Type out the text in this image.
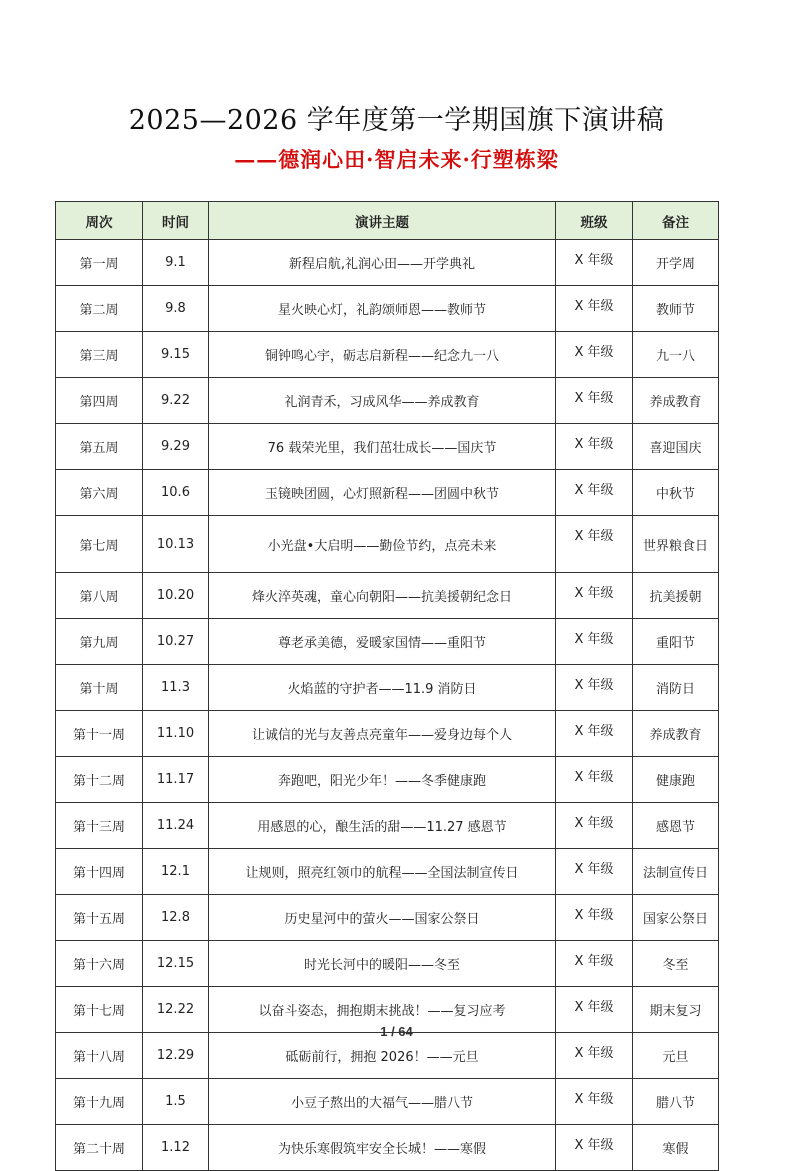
2025—2026 学年度第一学期国旗下演讲稿
——德润心田·智启未来·行塑栋梁
周次	时间	演讲主题	班级	备注
第一周	9.1	新程启航,礼润心田——开学典礼	X 年级	开学周
第二周	9.8	星火映心灯，礼韵颂师恩——教师节	X 年级	教师节
第三周	9.15	铜钟鸣心宇，砺志启新程——纪念九一八	X 年级	九一八
第四周	9.22	礼润青禾，习成风华——养成教育	X 年级	养成教育
第五周	9.29	76 载荣光里，我们茁壮成长——国庆节	X 年级	喜迎国庆
第六周	10.6	玉镜映团圆，心灯照新程——团圆中秋节	X 年级	中秋节
第七周	10.13	小光盘•大启明——勤俭节约，点亮未来	X 年级	世界粮食日
第八周	10.20	烽火淬英魂，童心向朝阳——抗美援朝纪念日	X 年级	抗美援朝
第九周	10.27	尊老承美德，爱暖家国情——重阳节	X 年级	重阳节
第十周	11.3	火焰蓝的守护者——11.9 消防日	X 年级	消防日
第十一周	11.10	让诚信的光与友善点亮童年——爱身边每个人	X 年级	养成教育
第十二周	11.17	奔跑吧，阳光少年！——冬季健康跑	X 年级	健康跑
第十三周	11.24	用感恩的心，酿生活的甜——11.27 感恩节	X 年级	感恩节
第十四周	12.1	让规则，照亮红领巾的航程——全国法制宣传日	X 年级	法制宣传日
第十五周	12.8	历史星河中的萤火——国家公祭日	X 年级	国家公祭日
第十六周	12.15	时光长河中的暖阳——冬至	X 年级	冬至
第十七周	12.22	以奋斗姿态，拥抱期末挑战！——复习应考	X 年级	期末复习
第十八周	12.29	砥砺前行，拥抱 2026！——元旦	X 年级	元旦
第十九周	1.5	小豆子熬出的大福气——腊八节	X 年级	腊八节
第二十周	1.12	为快乐寒假筑牢安全长城！——寒假	X 年级	寒假
1 / 64
